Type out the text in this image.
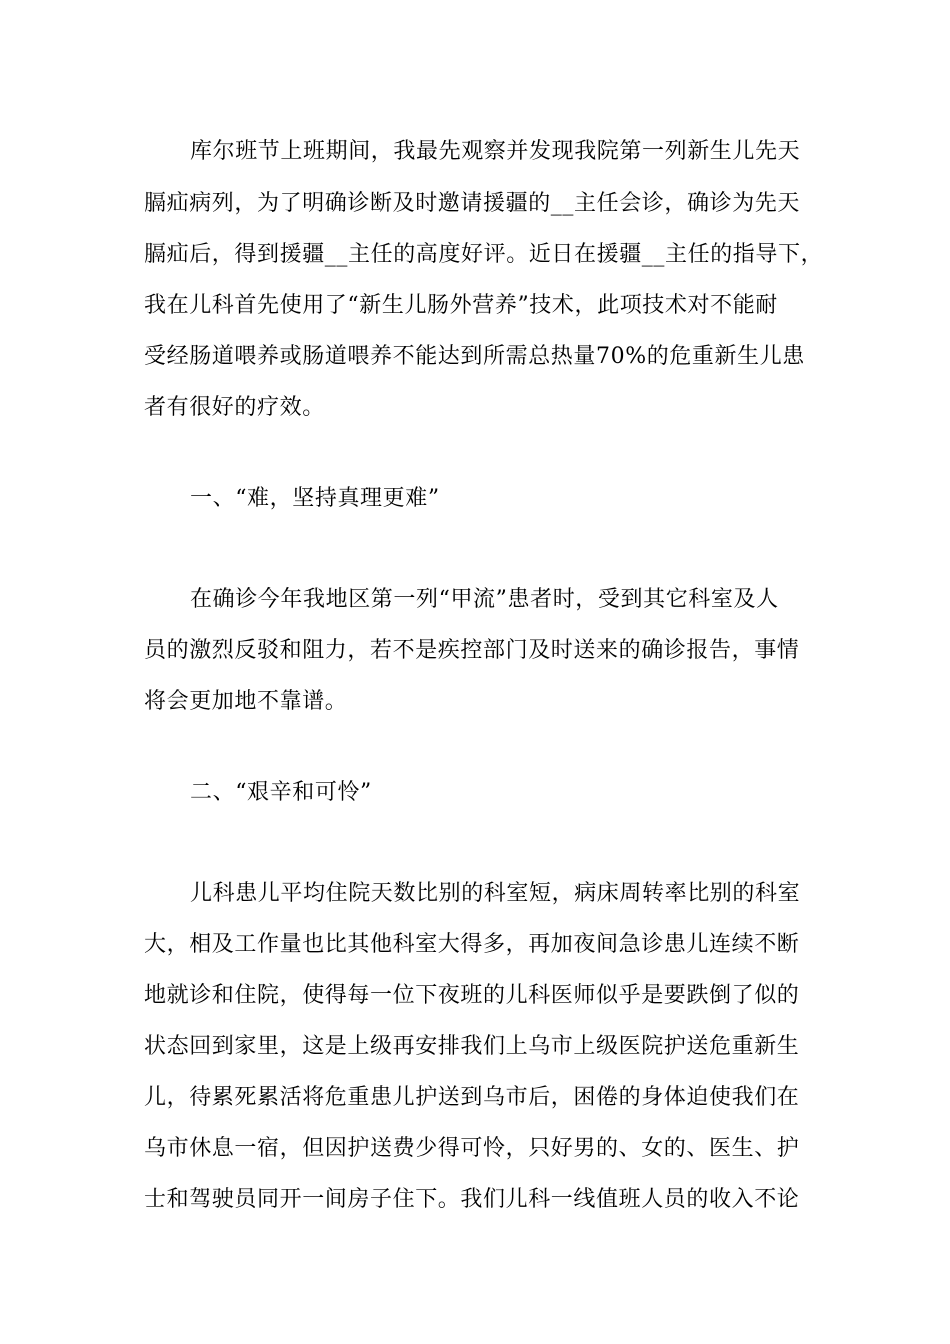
库尔班节上班期间，我最先观察并发现我院第一列新生儿先天
膈疝病列，为了明确诊断及时邀请援疆的__主任会诊，确诊为先天
膈疝后，得到援疆__主任的高度好评。近日在援疆__主任的指导下，
我在儿科首先使用了“新生儿肠外营养”技术，此项技术对不能耐
受经肠道喂养或肠道喂养不能达到所需总热量70%的危重新生儿患
者有很好的疗效。
一、“难，坚持真理更难”
在确诊今年我地区第一列“甲流”患者时，受到其它科室及人
员的激烈反驳和阻力，若不是疾控部门及时送来的确诊报告，事情
将会更加地不靠谱。
二、“艰辛和可怜”
儿科患儿平均住院天数比别的科室短，病床周转率比别的科室
大，相及工作量也比其他科室大得多，再加夜间急诊患儿连续不断
地就诊和住院，使得每一位下夜班的儿科医师似乎是要跌倒了似的
状态回到家里，这是上级再安排我们上乌市上级医院护送危重新生
儿，待累死累活将危重患儿护送到乌市后，困倦的身体迫使我们在
乌市休息一宿，但因护送费少得可怜，只好男的、女的、医生、护
士和驾驶员同开一间房子住下。我们儿科一线值班人员的收入不论
